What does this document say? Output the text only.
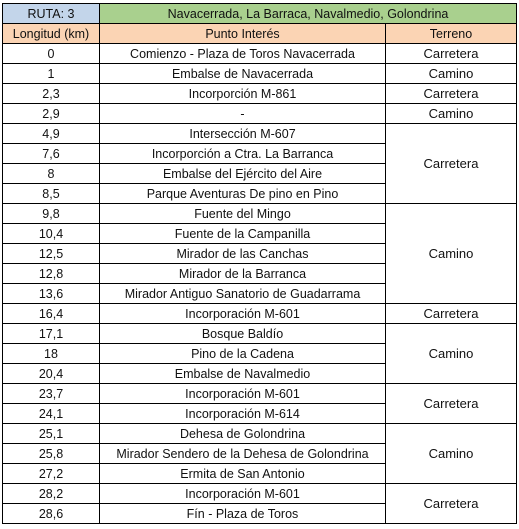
RUTA: 3	Navacerrada, La Barraca, Navalmedio, Golondrina	
Longitud (km)	Punto Interés	Terreno
0	Comienzo - Plaza de Toros Navacerrada	Carretera
1	Embalse de Navacerrada	Camino
2,3	Incorporción M-861	Carretera
2,9	-	Camino
4,9	Intersección M-607	Carretera
7,6	Incorporción a Ctra. La Barranca	
8	Embalse del Ejército del Aire	
8,5	Parque Aventuras De pino en Pino	
9,8	Fuente del Mingo	Camino
10,4	Fuente de la Campanilla	
12,5	Mirador de las Canchas	
12,8	Mirador de la Barranca	
13,6	Mirador Antiguo Sanatorio de Guadarrama	
16,4	Incorporación M-601	Carretera
17,1	Bosque Baldío	Camino
18	Pino de la Cadena	
20,4	Embalse de Navalmedio	
23,7	Incorporación M-601	Carretera
24,1	Incorporación M-614	
25,1	Dehesa de Golondrina	Camino
25,8	Mirador Sendero de la Dehesa de Golondrina	
27,2	Ermita de San Antonio	
28,2	Incorporación M-601	Carretera
28,6	Fín - Plaza de Toros	
